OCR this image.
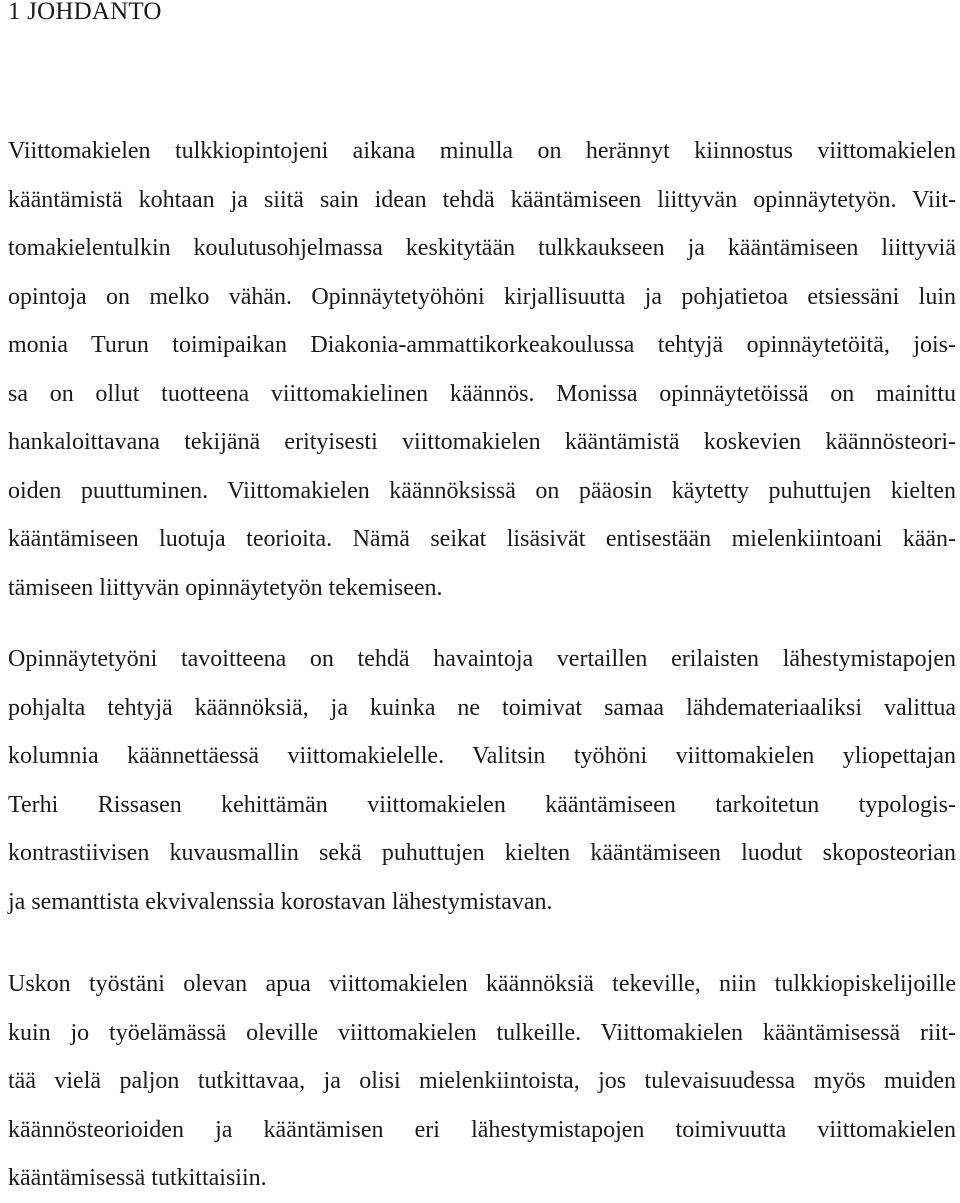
1 JOHDANTO
Viittomakielen tulkkiopintojeni aikana minulla on herännyt kiinnostus viittomakielen
kääntämistä kohtaan ja siitä sain idean tehdä kääntämiseen liittyvän opinnäytetyön. Viit-
tomakielentulkin koulutusohjelmassa keskitytään tulkkaukseen ja kääntämiseen liittyviä
opintoja on melko vähän. Opinnäytetyöhöni kirjallisuutta ja pohjatietoa etsiessäni luin
monia Turun toimipaikan Diakonia-ammattikorkeakoulussa tehtyjä opinnäytetöitä, jois-
sa on ollut tuotteena viittomakielinen käännös. Monissa opinnäytetöissä on mainittu
hankaloittavana tekijänä erityisesti viittomakielen kääntämistä koskevien käännösteori-
oiden puuttuminen. Viittomakielen käännöksissä on pääosin käytetty puhuttujen kielten
kääntämiseen luotuja teorioita. Nämä seikat lisäsivät entisestään mielenkiintoani kään-
tämiseen liittyvän opinnäytetyön tekemiseen.
Opinnäytetyöni tavoitteena on tehdä havaintoja vertaillen erilaisten lähestymistapojen
pohjalta tehtyjä käännöksiä, ja kuinka ne toimivat samaa lähdemateriaaliksi valittua
kolumnia käännettäessä viittomakielelle. Valitsin työhöni viittomakielen yliopettajan
Terhi Rissasen kehittämän viittomakielen kääntämiseen tarkoitetun typologis-
kontrastiivisen kuvausmallin sekä puhuttujen kielten kääntämiseen luodut skoposteorian
ja semanttista ekvivalenssia korostavan lähestymistavan.
Uskon työstäni olevan apua viittomakielen käännöksiä tekeville, niin tulkkiopiskelijoille
kuin jo työelämässä oleville viittomakielen tulkeille. Viittomakielen kääntämisessä riit-
tää vielä paljon tutkittavaa, ja olisi mielenkiintoista, jos tulevaisuudessa myös muiden
käännösteorioiden ja kääntämisen eri lähestymistapojen toimivuutta viittomakielen
kääntämisessä tutkittaisiin.
